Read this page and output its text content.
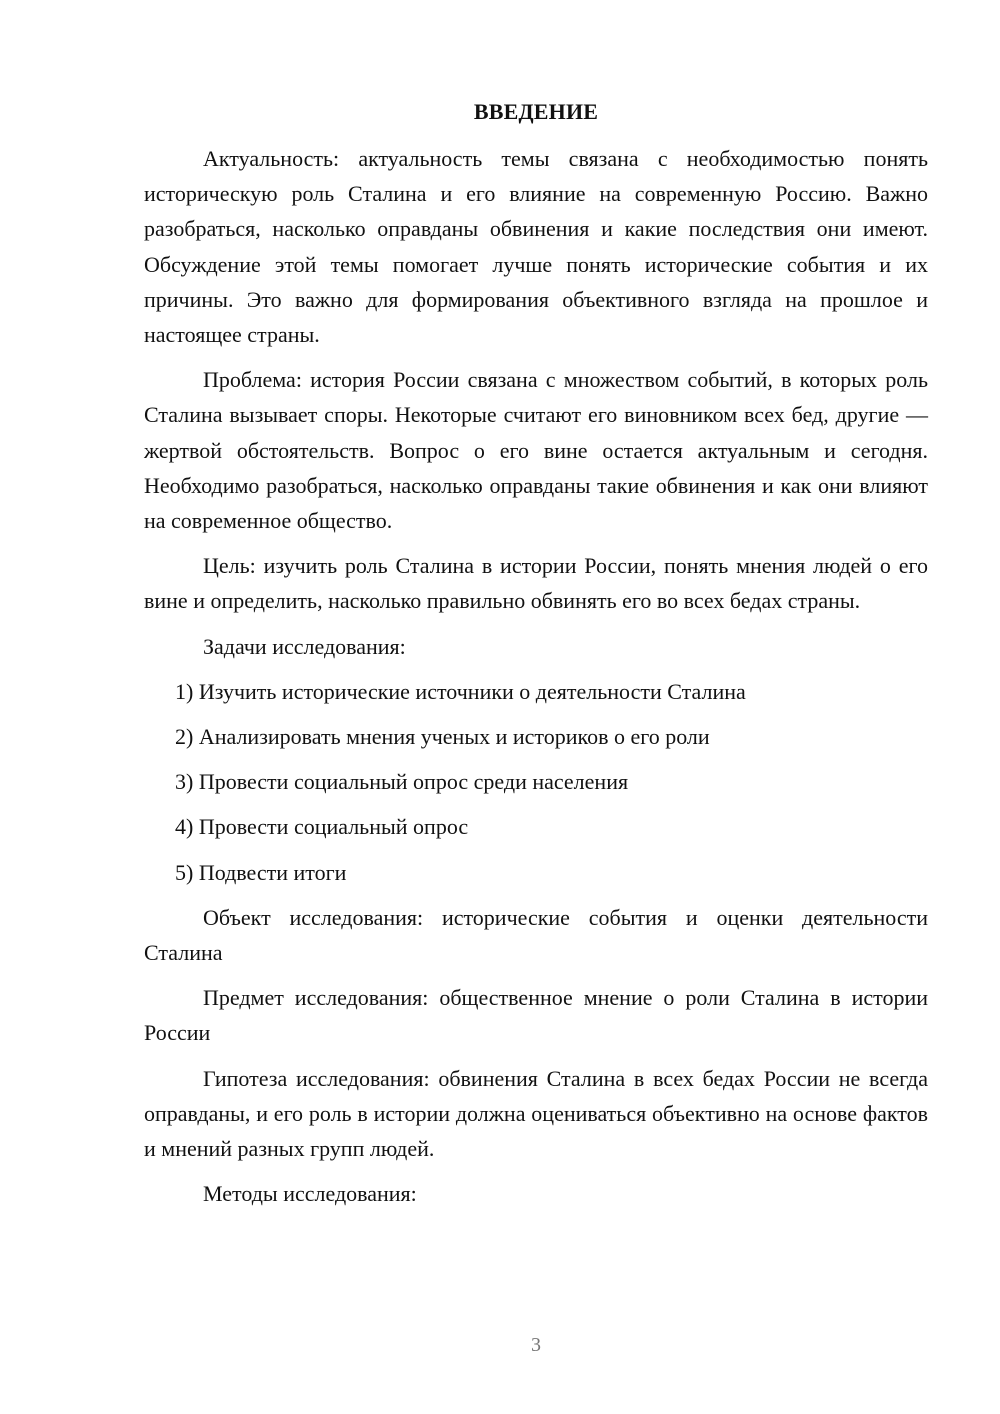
ВВЕДЕНИЕ

Актуальность: актуальность темы связана с необходимостью понять историческую роль Сталина и его влияние на современную Россию. Важно разобраться, насколько оправданы обвинения и какие последствия они имеют. Обсуждение этой темы помогает лучше понять исторические события и их причины. Это важно для формирования объективного взгляда на прошлое и настоящее страны.

Проблема: история России связана с множеством событий, в которых роль Сталина вызывает споры. Некоторые считают его виновником всех бед, другие — жертвой обстоятельств. Вопрос о его вине остается актуальным и сегодня. Необходимо разобраться, насколько оправданы такие обвинения и как они влияют на современное общество.

Цель: изучить роль Сталина в истории России, понять мнения людей о его вине и определить, насколько правильно обвинять его во всех бедах страны.

Задачи исследования:

1) Изучить исторические источники о деятельности Сталина
2) Анализировать мнения ученых и историков о его роли
3) Провести социальный опрос среди населения
4) Провести социальный опрос
5) Подвести итоги

Объект исследования: исторические события и оценки деятельности Сталина

Предмет исследования: общественное мнение о роли Сталина в истории России

Гипотеза исследования: обвинения Сталина в всех бедах России не всегда оправданы, и его роль в истории должна оцениваться объективно на основе фактов и мнений разных групп людей.

Методы исследования:

3
